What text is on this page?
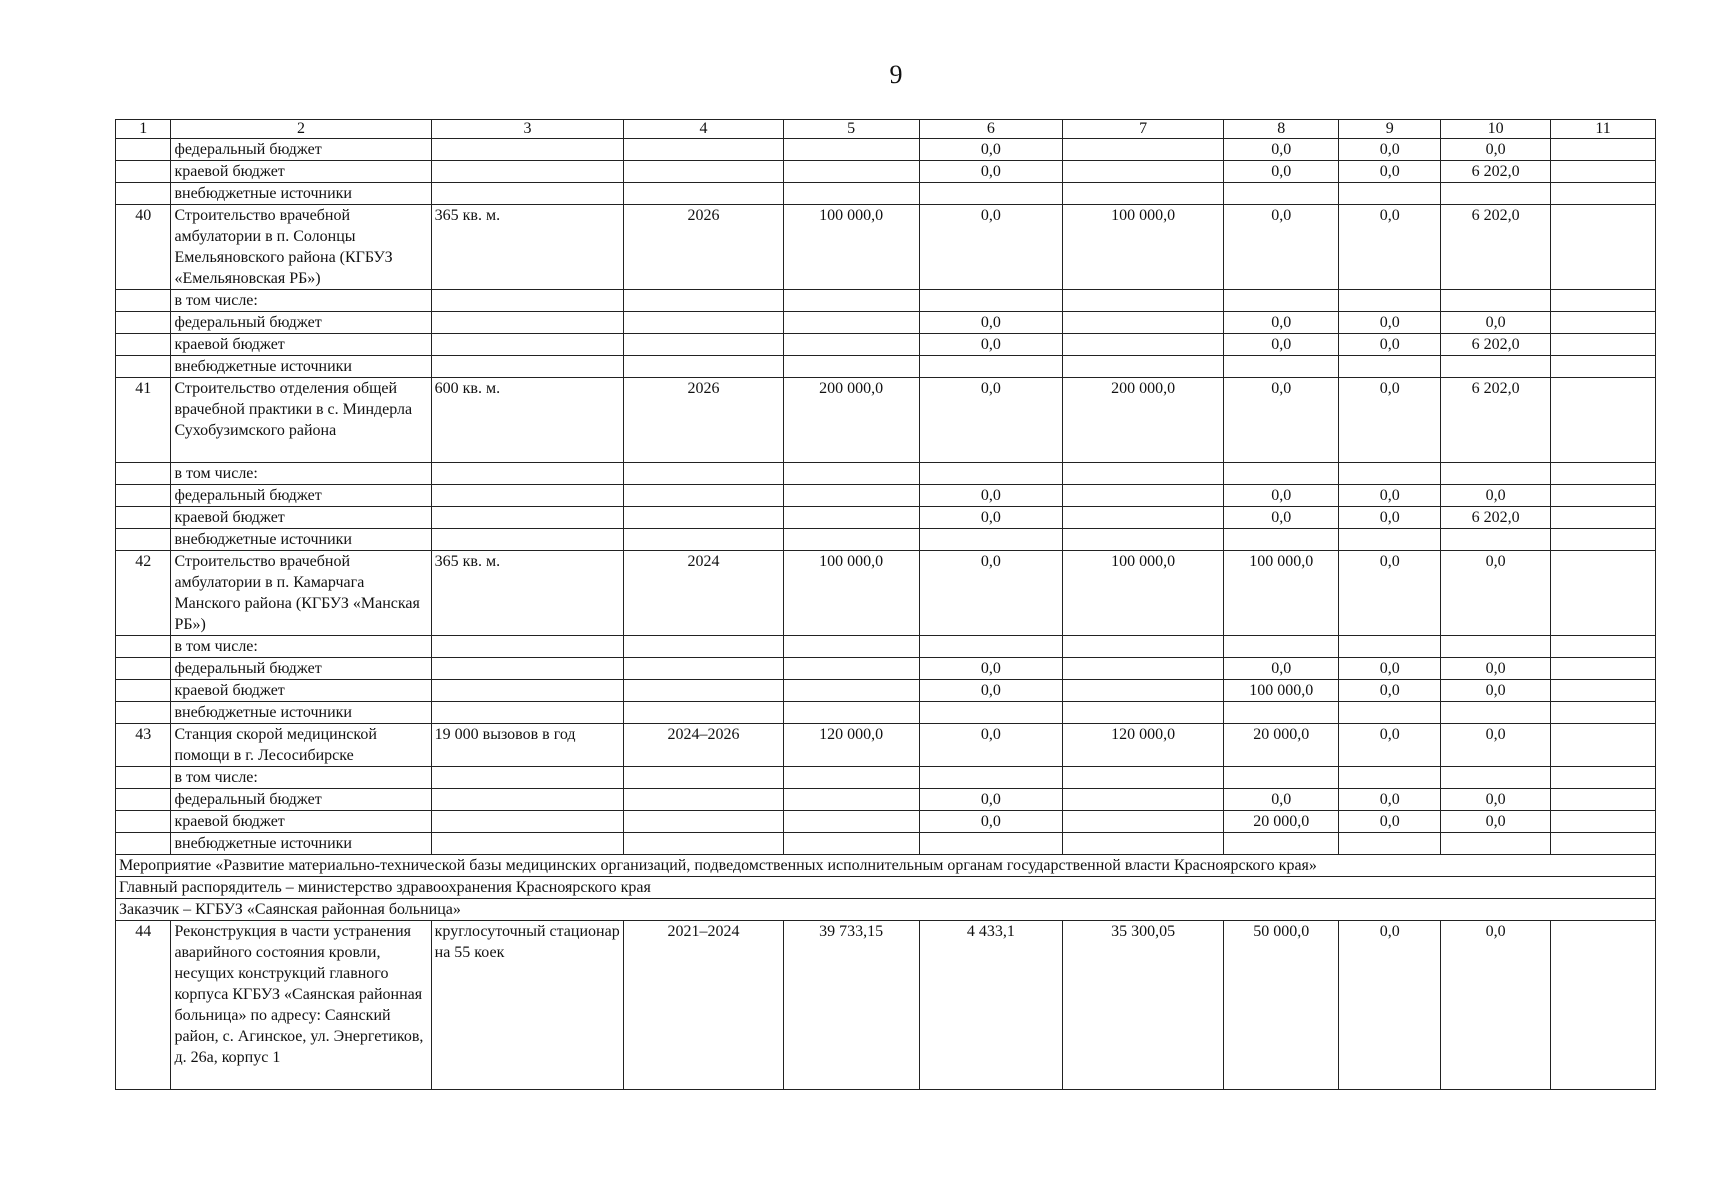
9
1	2	3	4	5	6	7	8	9	10	11
	федеральный бюджет				0,0		0,0	0,0	0,0	
	краевой бюджет				0,0		0,0	0,0	6 202,0	
	внебюджетные источники									
40	Строительство врачебной амбулатории в п. Солонцы Емельяновского района (КГБУЗ «Емельяновская РБ»)	365 кв. м.	2026	100 000,0	0,0	100 000,0	0,0	0,0	6 202,0	
	в том числе:									
	федеральный бюджет				0,0		0,0	0,0	0,0	
	краевой бюджет				0,0		0,0	0,0	6 202,0	
	внебюджетные источники									
41	Строительство отделения общей врачебной практики в с. Миндерла Сухобузимского района	600 кв. м.	2026	200 000,0	0,0	200 000,0	0,0	0,0	6 202,0	
	в том числе:									
	федеральный бюджет				0,0		0,0	0,0	0,0	
	краевой бюджет				0,0		0,0	0,0	6 202,0	
	внебюджетные источники									
42	Строительство врачебной амбулатории в п. Камарчага Манского района (КГБУЗ «Манская РБ»)	365 кв. м.	2024	100 000,0	0,0	100 000,0	100 000,0	0,0	0,0	
	в том числе:									
	федеральный бюджет				0,0		0,0	0,0	0,0	
	краевой бюджет				0,0		100 000,0	0,0	0,0	
	внебюджетные источники									
43	Станция скорой медицинской помощи в г. Лесосибирске	19 000 вызовов в год	2024–2026	120 000,0	0,0	120 000,0	20 000,0	0,0	0,0	
	в том числе:									
	федеральный бюджет				0,0		0,0	0,0	0,0	
	краевой бюджет				0,0		20 000,0	0,0	0,0	
	внебюджетные источники									
Мероприятие «Развитие материально-технической базы медицинских организаций, подведомственных исполнительным органам государственной власти Красноярского края»										
Главный распорядитель – министерство здравоохранения Красноярского края										
Заказчик – КГБУЗ «Саянская районная больница»										
44	Реконструкция в части устранения аварийного состояния кровли, несущих конструкций главного корпуса КГБУЗ «Саянская районная больница» по адресу: Саянский район, с. Агинское, ул. Энергетиков, д. 26а, корпус 1	круглосуточный стационар на 55 коек	2021–2024	39 733,15	4 433,1	35 300,05	50 000,0	0,0	0,0	
